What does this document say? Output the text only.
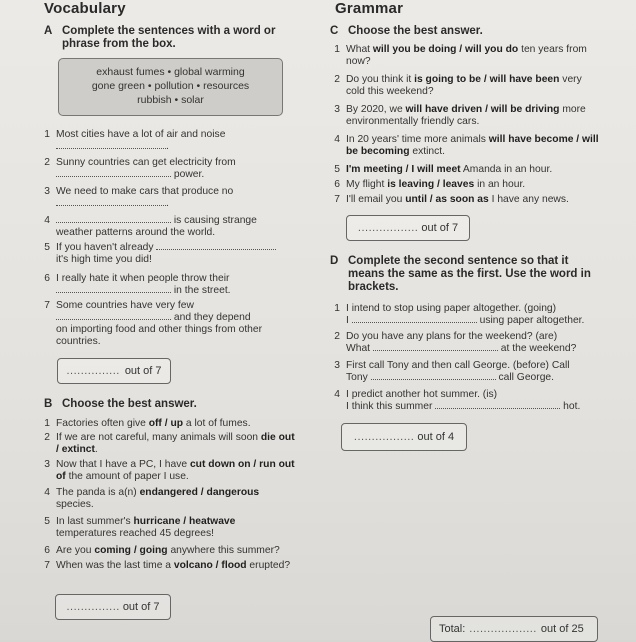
Vocabulary
A Complete the sentences with a word or phrase from the box.
exhaust fumes • global warming
gone green • pollution • resources
rubbish • solar
1 Most cities have a lot of air and noise
.
2 Sunny countries can get electricity from
power.
3 We need to make cars that produce no
.
4	is causing strange
weather patterns around the world.
5 If you haven't already
it's high time you did!
6 I really hate it when people throw their
in the street.
7 Some countries have very few
and they depend
on importing food and other things from other
countries.
............... out of 7
B Choose the best answer.
1 Factories often give off / up a lot of fumes.
2 If we are not careful, many animals will soon die out / extinct.
3 Now that I have a PC, I have cut down on / run out of the amount of paper I use.
4 The panda is a(n) endangered / dangerous species.
5 In last summer's hurricane / heatwave temperatures reached 45 degrees!
6 Are you coming / going anywhere this summer?
7 When was the last time a volcano / flood erupted?
............... out of 7
Grammar
C Choose the best answer.
1 What will you be doing / will you do ten years from now?
2 Do you think it is going to be / will have been very cold this weekend?
3 By 2020, we will have driven / will be driving more environmentally friendly cars.
4 In 20 years' time more animals will have become / will be becoming extinct.
5 I'm meeting / I will meet Amanda in an hour.
6 My flight is leaving / leaves in an hour.
7 I'll email you until / as soon as I have any news.
................. out of 7
D Complete the second sentence so that it means the same as the first. Use the word in brackets.
1 I intend to stop using paper altogether. (going)
I	using paper altogether.
2 Do you have any plans for the weekend? (are)
What	at the weekend?
3 First call Tony and then call George. (before) Call
Tony	call George.
4 I predict another hot summer. (is)
I think this summer	hot.
................. out of 4
Total: ................... out of 25
